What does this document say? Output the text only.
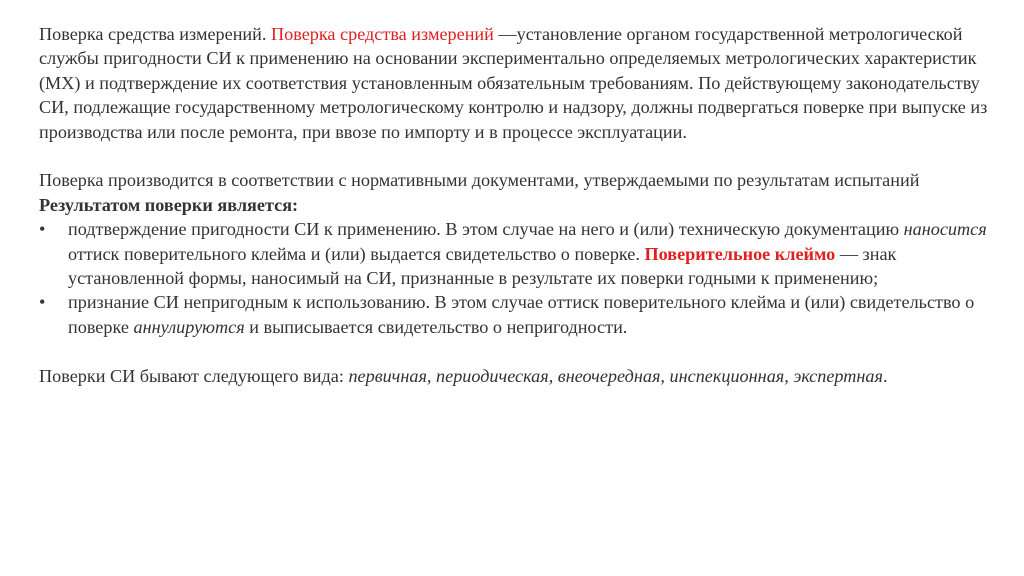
Поверка средства измерений. Поверка средства измерений —установление органом государственной метрологической службы пригодности СИ к применению на основании экспериментально определяемых метрологических характеристик (МХ) и подтверждение их соответствия установленным обязательным требованиям. По действующему законодательству СИ, подлежащие государственному метрологическому контролю и надзору, должны подвергаться поверке при выпуске из производства или после ремонта, при ввозе по импорту и в процессе эксплуатации.

Поверка производится в соответствии с нормативными документами, утверждаемыми по результатам испытаний

Результатом поверки является:

• подтверждение пригодности СИ к применению. В этом случае на него и (или) техническую документацию наносится оттиск поверительного клейма и (или) выдается свидетельство о поверке. Поверительное клеймо — знак установленной формы, наносимый на СИ, признанные в результате их поверки годными к применению;
• признание СИ непригодным к использованию. В этом случае оттиск поверительного клейма и (или) свидетельство о поверке аннулируются и выписывается свидетельство о непригодности.

Поверки СИ бывают следующего вида: первичная, периодическая, внеочередная, инспекционная, экспертная.
